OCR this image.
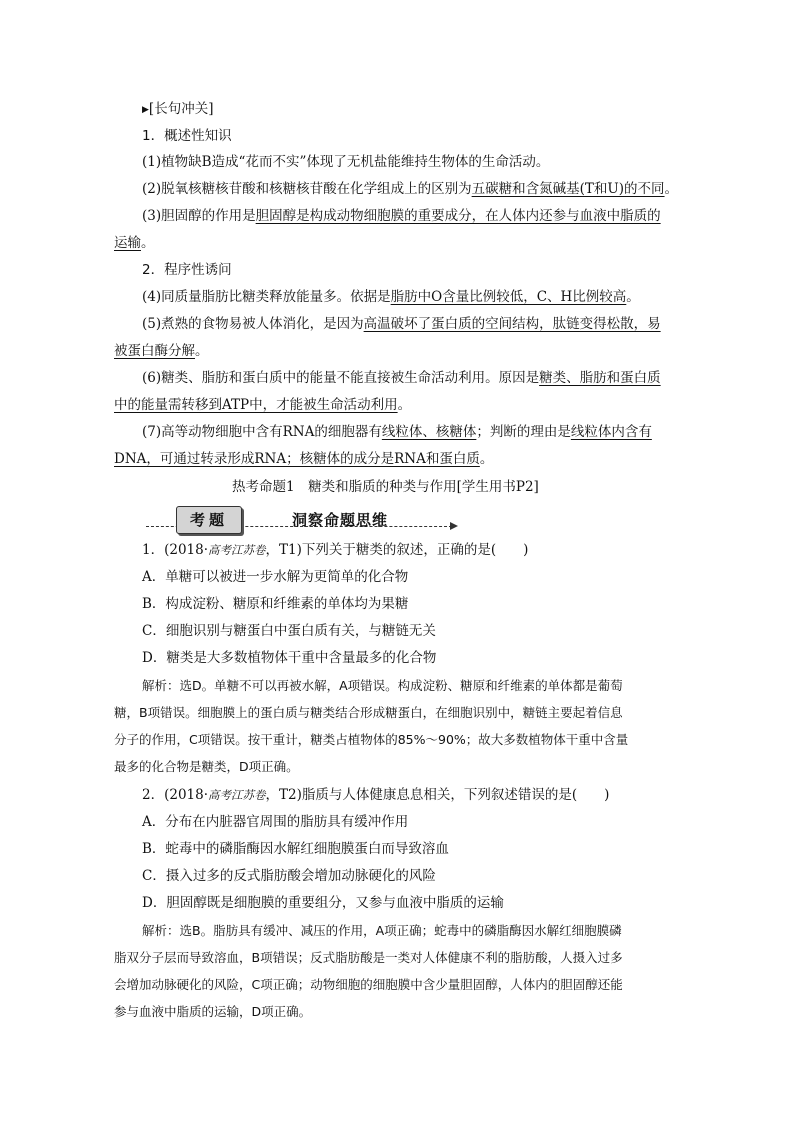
▶[长句冲关]
1．概述性知识
(1)植物缺B造成“花而不实”体现了无机盐能维持生物体的生命活动。
(2)脱氧核糖核苷酸和核糖核苷酸在化学组成上的区别为五碳糖和含氮碱基(T和U)的不同。
(3)胆固醇的作用是胆固醇是构成动物细胞膜的重要成分，在人体内还参与血液中脂质的
运输。
2．程序性诱问
(4)同质量脂肪比糖类释放能量多。依据是脂肪中O含量比例较低，C、H比例较高。
(5)煮熟的食物易被人体消化，是因为高温破坏了蛋白质的空间结构，肽链变得松散，易
被蛋白酶分解。
(6)糖类、脂肪和蛋白质中的能量不能直接被生命活动利用。原因是糖类、脂肪和蛋白质
中的能量需转移到ATP中，才能被生命活动利用。
(7)高等动物细胞中含有RNA的细胞器有线粒体、核糖体；判断的理由是线粒体内含有
DNA，可通过转录形成RNA；核糖体的成分是RNA和蛋白质。
热考命题1　糖类和脂质的种类与作用[学生用书P2]
考题	洞察命题思维
1．(2018·高考江苏卷，T1)下列关于糖类的叙述，正确的是(　　)
A．单糖可以被进一步水解为更简单的化合物
B．构成淀粉、糖原和纤维素的单体均为果糖
C．细胞识别与糖蛋白中蛋白质有关，与糖链无关
D．糖类是大多数植物体干重中含量最多的化合物
解析：选D。单糖不可以再被水解，A项错误。构成淀粉、糖原和纤维素的单体都是葡萄
糖，B项错误。细胞膜上的蛋白质与糖类结合形成糖蛋白，在细胞识别中，糖链主要起着信息
分子的作用，C项错误。按干重计，糖类占植物体的85%～90%；故大多数植物体干重中含量
最多的化合物是糖类，D项正确。
2．(2018·高考江苏卷，T2)脂质与人体健康息息相关，下列叙述错误的是(　　)
A．分布在内脏器官周围的脂肪具有缓冲作用
B．蛇毒中的磷脂酶因水解红细胞膜蛋白而导致溶血
C．摄入过多的反式脂肪酸会增加动脉硬化的风险
D．胆固醇既是细胞膜的重要组分，又参与血液中脂质的运输
解析：选B。脂肪具有缓冲、减压的作用，A项正确；蛇毒中的磷脂酶因水解红细胞膜磷
脂双分子层而导致溶血，B项错误；反式脂肪酸是一类对人体健康不利的脂肪酸，人摄入过多
会增加动脉硬化的风险，C项正确；动物细胞的细胞膜中含少量胆固醇，人体内的胆固醇还能
参与血液中脂质的运输，D项正确。
